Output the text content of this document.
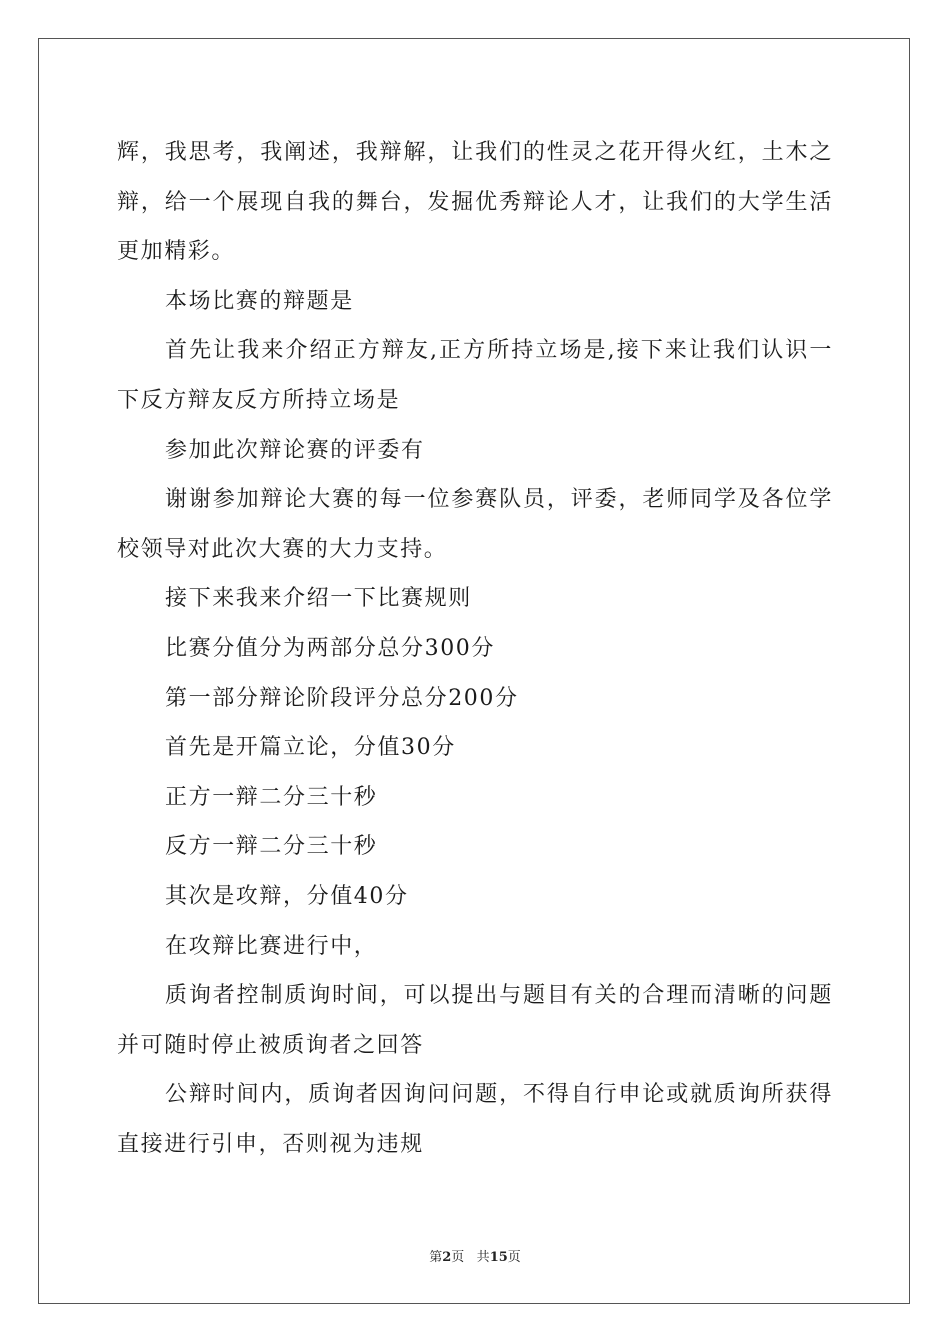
辉，我思考，我阐述，我辩解，让我们的性灵之花开得火红，土木之辩，给一个展现自我的舞台，发掘优秀辩论人才，让我们的大学生活更加精彩。

本场比赛的辩题是

首先让我来介绍正方辩友,正方所持立场是,接下来让我们认识一下反方辩友反方所持立场是

参加此次辩论赛的评委有

谢谢参加辩论大赛的每一位参赛队员，评委，老师同学及各位学校领导对此次大赛的大力支持。

接下来我来介绍一下比赛规则

比赛分值分为两部分总分300分

第一部分辩论阶段评分总分200分

首先是开篇立论，分值30分

正方一辩二分三十秒

反方一辩二分三十秒

其次是攻辩，分值40分

在攻辩比赛进行中，

质询者控制质询时间，可以提出与题目有关的合理而清晰的问题并可随时停止被质询者之回答

公辩时间内，质询者因询问问题，不得自行申论或就质询所获得直接进行引申，否则视为违规

第2页 共15页
